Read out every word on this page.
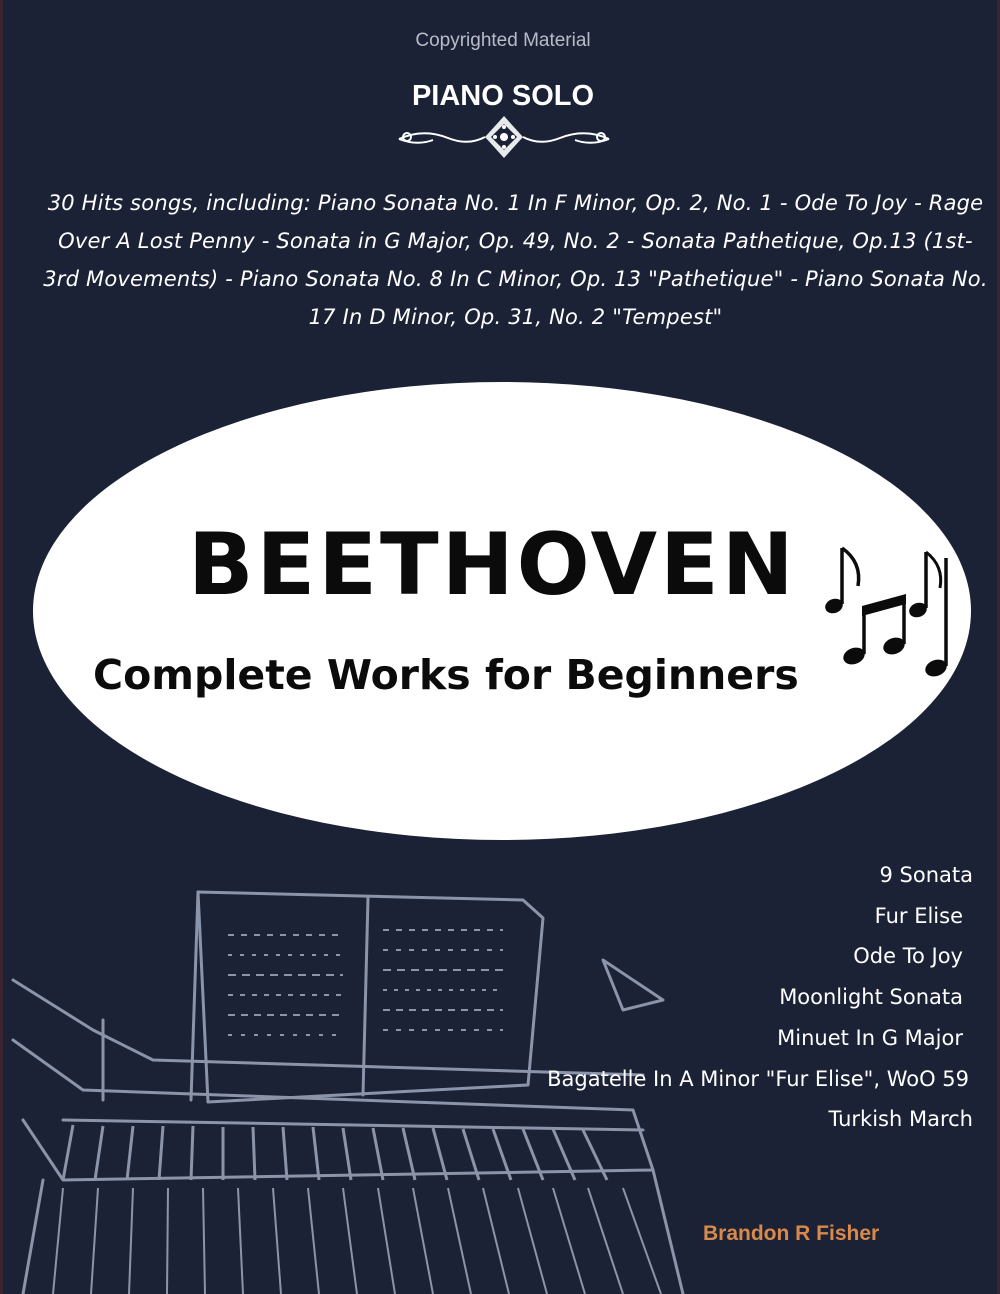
Copyrighted Material
PIANO SOLO
30 Hits songs, including: Piano Sonata No. 1 In F Minor, Op. 2, No. 1 - Ode To Joy - Rage Over A Lost Penny - Sonata in G Major, Op. 49, No. 2 - Sonata Pathetique, Op.13 (1st-3rd Movements) - Piano Sonata No. 8 In C Minor, Op. 13 "Pathetique" - Piano Sonata No. 17 In D Minor, Op. 31, No. 2 "Tempest"
BEETHOVEN
Complete Works for Beginners
9 Sonata
Fur Elise
Ode To Joy
Moonlight Sonata
Minuet In G Major
Bagatelle In A Minor "Fur Elise", WoO 59
Turkish March
Brandon R Fisher
